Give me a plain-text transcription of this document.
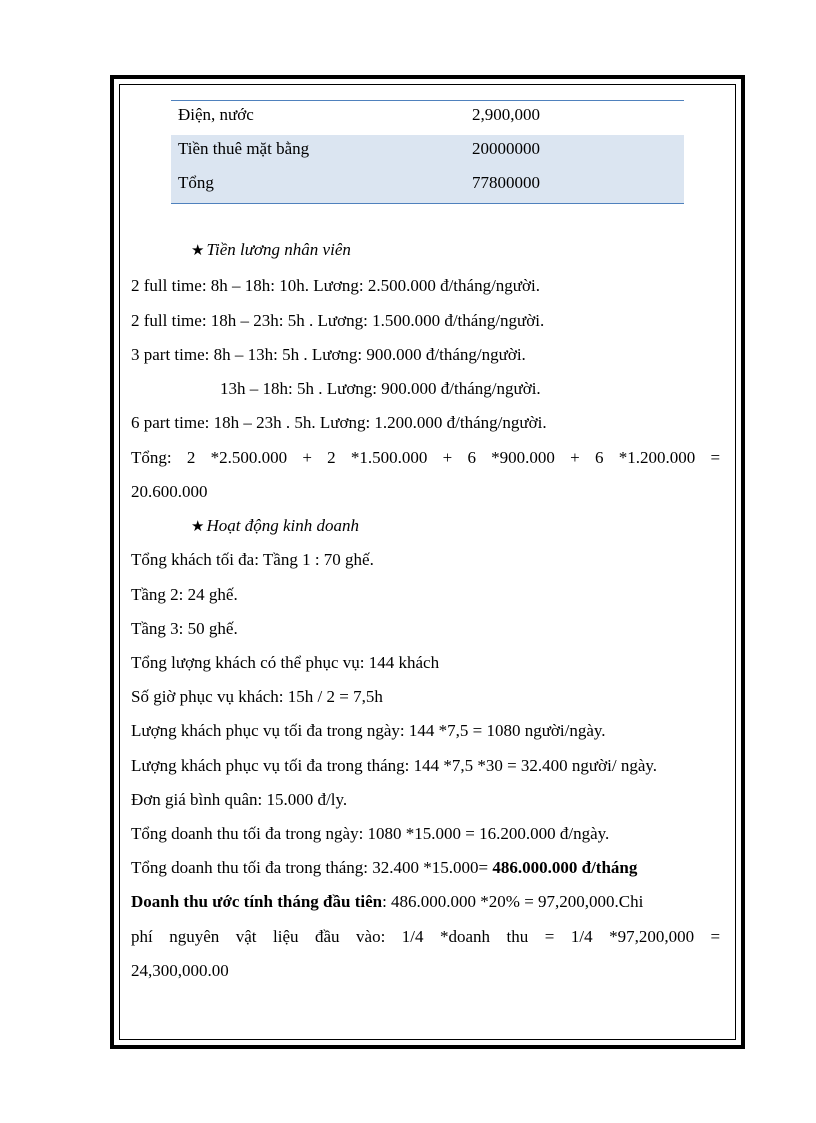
Điện, nước	2,900,000
Tiền thuê mặt bằng	20000000
Tổng	77800000
★ Tiền lương nhân viên
2 full time: 8h – 18h: 10h. Lương: 2.500.000 đ/tháng/người.
2 full time: 18h – 23h: 5h . Lương: 1.500.000 đ/tháng/người.
3 part time: 8h – 13h: 5h . Lương: 900.000 đ/tháng/người.
13h – 18h: 5h . Lương: 900.000 đ/tháng/người.
6 part time: 18h – 23h . 5h. Lương: 1.200.000 đ/tháng/người.
Tổng: 2 *2.500.000 + 2 *1.500.000 + 6 *900.000 + 6 *1.200.000 =
20.600.000
★ Hoạt động kinh doanh
Tổng khách tối đa: Tầng 1 : 70 ghế.
Tầng 2: 24 ghế.
Tầng 3: 50 ghế.
Tổng lượng khách có thể phục vụ: 144 khách
Số giờ phục vụ khách: 15h / 2 = 7,5h
Lượng khách phục vụ tối đa trong ngày: 144 *7,5 = 1080 người/ngày.
Lượng khách phục vụ tối đa trong tháng: 144 *7,5 *30 = 32.400 người/ ngày.
Đơn giá bình quân: 15.000 đ/ly.
Tổng doanh thu tối đa trong ngày: 1080 *15.000 = 16.200.000 đ/ngày.
Tổng doanh thu tối đa trong tháng: 32.400 *15.000= 486.000.000 đ/tháng
Doanh thu ước tính tháng đầu tiên: 486.000.000 *20% = 97,200,000.Chi
phí nguyên vật liệu đầu vào: 1/4 *doanh thu = 1/4 *97,200,000 =
24,300,000.00
